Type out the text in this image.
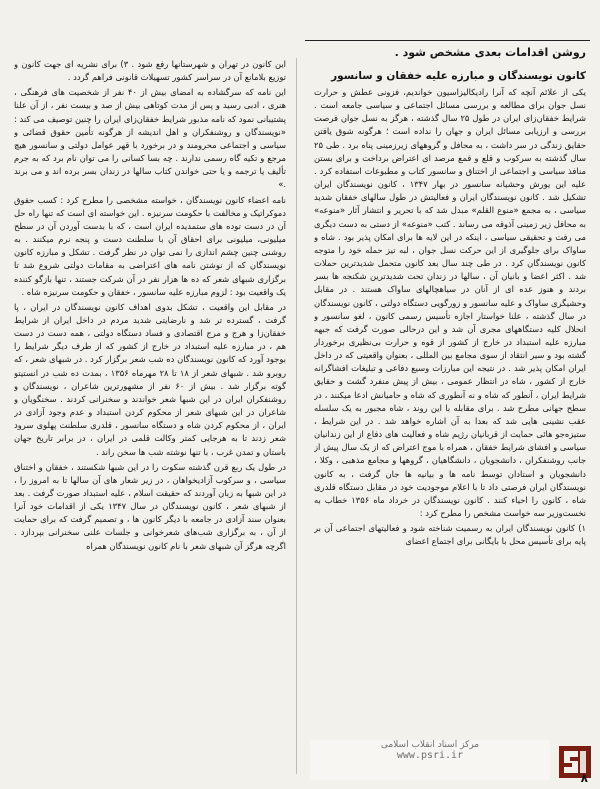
روشن اقدامات بعدی مشخص شود .
کانون نویسندگان و مبارزه علیه خفقان و سانسور

یکی از علائم آنچه که آنرا رادیکالیزاسیون خواندیم، فزونی عطش و حرارت نسل جوان برای مطالعه و بررسی مسائل اجتماعی و سیاسی جامعه است . شرایط خفقان‌زای ایران در طول ۲۵ سال گذشته ، هرگز به نسل جوان فرصت بررسی و ارزیابی مسائل ایران و جهان را نداده است ؛ هرگونه شوق یافتن حقایق زندگی در سر داشت ، به محافل و گروههای زیرزمینی پناه برد . طی ۲۵ سال گذشته به سرکوب و قلع و قمع مرصد ای اعتراض برداخت و برای بستن منافذ سیاسی و اجتماعی از اختناق و سانسور کتاب و مطبوعات استفاده کرد . علیه این یورش وحشیانه سانسور در بهار ۱۳۴۷ ، کانون نویسندگان ایران تشکیل شد . کانون نویسندگان ایران و فعالیتش در طول سالهای خفقان شدید سیاسی ، به مجمع «منوع القلم» مبدل شد که با تحریر و انتشار آثار «منوعه» به محافل زیر زمینی آذوقه می رساند . کتب «منوعه» از دستی به دست دیگری می رفت و تحقیقی سیاسی ، اینکه در این لایه ها برای امکان پذیر بود . شاه و ساواک برای جلوگیری از این حرکت نسل جوان ، لبه تیز حمله خود را متوجه کانون نویسندگان کرد . در طی چند سال بعد کانون متحمل شدیدترین حملات شد . اکثر اعضا و بانیان آن ، سالها در زندان تحت شدیدترین شکنجه ها بسر بردند و هنوز عده ای از آنان در سیاهچالهای ساواک هستند . در مقابل وحشیگری ساواک و علیه سانسور و زورگویی دستگاه دولتی ، کانون نویسندگان در سال گذشته ، علنا خواستار اجازه تأسیس رسمی کانون ، لغو سانسور و انحلال کلیه دستگاههای مجری آن شد و این درحالی صورت گرفت که جبهه مبارزه علیه استبداد در خارج از کشور از قوه و حرارت بی‌نظیری برخوردار گشته بود و سیر انتقاد از سوی مجامع بین المللی ، بعنوان واقعیتی که در داخل ایران امکان پذیر شد . در نتیجه این مبارزات وسیع دفاعی و تبلیغات افشاگرانه خارج از کشور ، شاه در انتظار عمومی ، بیش از پیش منفرد گشت و حقایق شرایط ایران ، آنطور که شاه و نه آنطوری که شاه و حامیانش ادعا میکنند ، در سطح جهانی مطرح شد . برای مقابله با این روند ، شاه مجبور به یک سلسله عقب نشینی هایی شد که بعدا به آن اشاره خواهد شد . در این شرایط ، ستیزه‌جو هائی حمایت از قربانیان رژیم شاه و فعالیت های دفاع از این زندانیان سیاسی و افشای شرایط خفقان ، همراه با موج اعتراض که از یک سال پیش از جانب روشنفکران ، دانشجویان ، دانشگاهیان ، گروهها و مجامع مذهبی ، وکلا ، دانشجویان و استادان توسط نامه ها و بیانیه ها جان گرفت ، به کانون نویسندگان ایران فرصتی داد تا با اعلام موجودیت خود در مقابل دستگاه قلدری شاه ، کانون را احیاء کنند . کانون نویسندگان در خرداد ماه ۱۳۵۶ خطاب به نخست‌وزیر سه خواست مشخص را مطرح کرد :

۱) کانون نویسندگان ایران به رسمیت شناخته شود و فعالیتهای اجتماعی آن بر پایه برای تأسیس محل با بایگانی برای اجتماع اعضای

این کانون در تهران و شهرستانها رفع شود . ۳) برای نشریه ای جهت کانون و توزیع بلامانع آن در سراسر کشور تسهیلات قانونی فراهم گردد .

این نامه که سرگشاده به امضای بیش از ۴۰ نفر از شخصیت های فرهنگی ، هنری ، ادبی رسید و پس از مدت کوتاهی بیش از صد و بیست نفر ، از آن علنا پشتیبانی نمود که نامه مذبور شرایط خفقان‌زای ایران را چنین توصیف می کند : «نویسندگان و روشنفکران و اهل اندیشه از هرگونه تأمین حقوق قضائی و سیاسی و اجتماعی محرومند و در برخورد با قهر عوامل دولتی و سانسور هیچ مرجع و تکیه گاه رسمی ندارند . چه بسا کسانی را می توان نام برد که به جرم تألیف یا ترجمه و یا حتی خواندن کتاب سالها در زندان بسر برده اند و می برند .»

نامه اعضاء کانون نویسندگان ، خواسته مشخصی را مطرح کرد : کسب حقوق دموکراتیک و مخالفت با حکومت سرنیزه . این خواسته ای است که تنها راه حل آن در دست توده های ستمدیده ایران است ، که با بدست آوردن آن در سطح میلیونی، میلیونی برای احقاق آن با سلطنت دست و پنجه نرم میکنند . به روشنی چنین چشم اندازی را نمی توان در نظر گرفت . تشکل و مبارزه کانون نویسندگان که از نوشتن نامه های اعتراضی به مقامات دولتی شروع شد تا برگزاری شبهای شعر که ده ها هزار نفر در آن شرکت جستند ، تنها بازگو کننده یک واقعیت بود : لزوم مبارزه علیه سانسور ، خفقان و حکومت سرنیزه شاه .

در مقابل این واقعیت ، تشکل بدوی اهداف کانون نویسندگان در ایران ، پا گرفت ، گسترده تر شد و نارضایتی شدید مردم در داخل ایران از شرایط خفقان‌زا و هرج و مرج اقتصادی و فساد دستگاه دولتی ، همه دست در دست هم ، در مبارزه علیه استبداد در خارج از کشور که از طرف دیگر شرایط را بوجود آورد که کانون نویسندگان ده شب شعر برگزار کرد . در شبهای شعر ، که روبرو شد . شبهای شعر از ۱۸ تا ۲۸ مهرماه ۱۳۵۶ ، بمدت ده شب در انستیتو گوته برگزار شد . بیش از ۶۰ نفر از مشهورترین شاعران ، نویسندگان و روشنفکران ایران در این شبها شعر خواندند و سخنرانی کردند . سخنگویان و شاعران در این شبهای شعر از محکوم کردن استبداد و عدم وجود آزادی در ایران ، از محکوم کردن شاه و دستگاه سانسور ، قلدری سلطنت پهلوی سرود شعر زدند تا به هرجایی کمتر وکالت قلمی در ایران ، در برابر تاریخ جهان باستان و تمدن غرب ، با تنها نوشته شب ها سخن راند .

در طول یک ربع قرن گذشته سکوت را در این شبها شکستند ، خفقان و اختناق سیاسی ، و سرکوب آزادیخواهان ، در زیر شعار های آن سالها تا به امروز را ، در این شبها به زبان آوردند که حقیقت اسلام ، علیه استبداد صورت گرفت . بعد از شبهای شعر ، کانون نویسندگان در سال ۱۳۴۷ یکی از اقدامات خود آنرا بعنوان سند آزادی در جامعه با دیگر کانون ها ، و تصمیم گرفت که برای حمایت از آن ، به برگزاری شب‌های شعرخوانی و جلسات علنی سخنرانی بپردازد . اگرچه هرگز آن شبهای شعر با نام کانون نویسندگان همراه

مرکز اسناد انقلاب اسلامی
www.psri.ir
۸
